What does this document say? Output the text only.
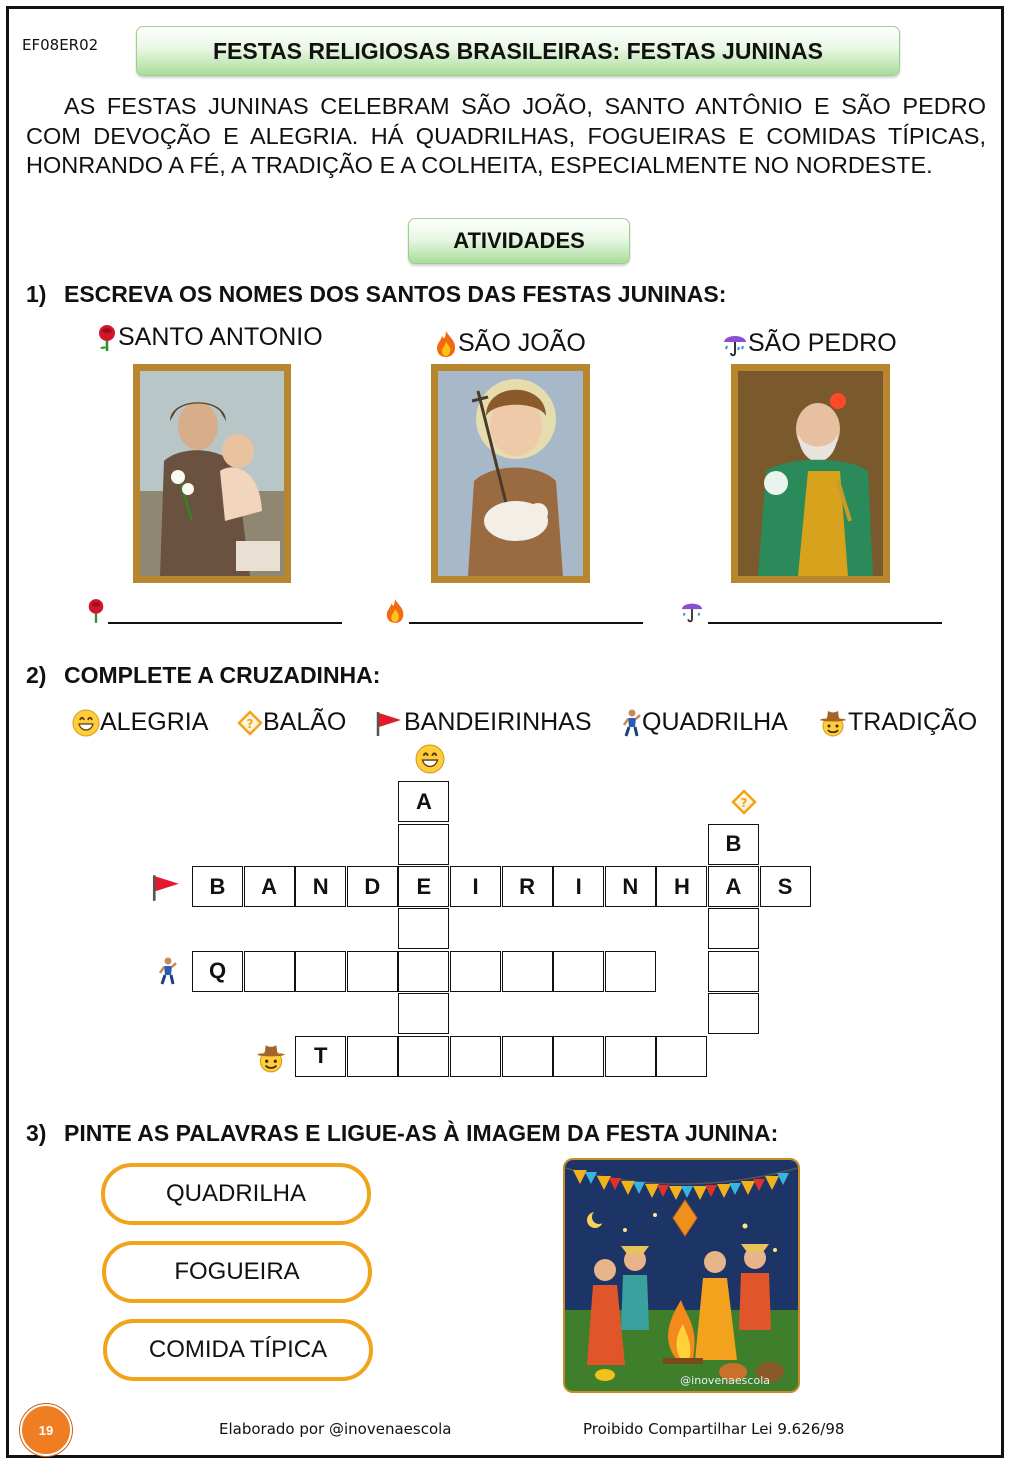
EF08ER02	FESTAS RELIGIOSAS BRASILEIRAS: FESTAS JUNINAS
AS FESTAS JUNINAS CELEBRAM SÃO JOÃO, SANTO ANTÔNIO E SÃO PEDRO COM DEVOÇÃO E ALEGRIA. HÁ QUADRILHAS, FOGUEIRAS E COMIDAS TÍPICAS, HONRANDO A FÉ, A TRADIÇÃO E A COLHEITA, ESPECIALMENTE NO NORDESTE.
ATIVIDADES
1) ESCREVA OS NOMES DOS SANTOS DAS FESTAS JUNINAS:
SANTO ANTONIO	SÃO JOÃO	SÃO PEDRO
2) COMPLETE A CRUZADINHA:
ALEGRIA	? BALÃO	BANDEIRINHAS	QUADRILHA	TRADIÇÃO
?
B	A	N	D	E	I	R	I	N	H	A	S
A
B
Q
T
3) PINTE AS PALAVRAS E LIGUE-AS À IMAGEM DA FESTA JUNINA:
QUADRILHA
FOGUEIRA
COMIDA TÍPICA
@inovenaescola
19	Elaborado por @inovenaescola	Proibido Compartilhar Lei 9.626/98
